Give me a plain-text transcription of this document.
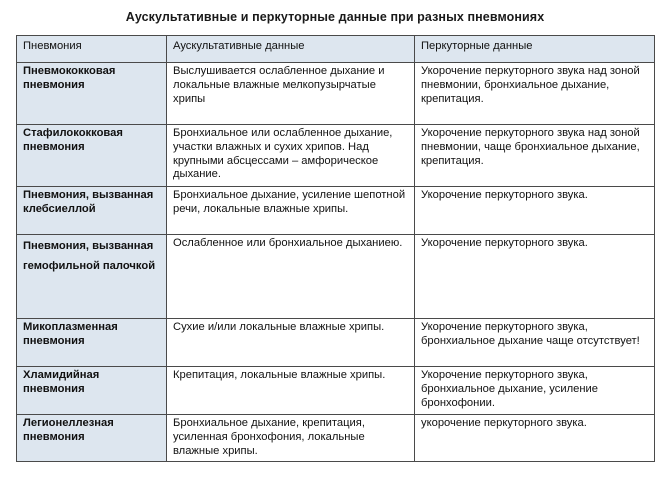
Аускультативные и перкуторные данные при разных пневмониях
Пневмония	Аускультативные данные	Перкуторные данные
Пневмококковая пневмония	Выслушивается ослабленное дыхание и локальные влажные мелкопузырчатые хрипы	Укорочение перкуторного звука над зоной пневмонии, бронхиальное дыхание, крепитация.
Стафилококковая пневмония	Бронхиальное или ослабленное дыхание, участки влажных и сухих хрипов. Над крупными абсцессами – амфорическое дыхание.	Укорочение перкуторного звука над зоной пневмонии, чаще бронхиальное дыхание, крепитация.
Пневмония, вызванная клебсиеллой	Бронхиальное дыхание, усиление шепотной речи, локальные влажные хрипы.	Укорочение перкуторного звука.
Пневмония, вызванная гемофильной палочкой	Ослабленное или бронхиальное дыханиею.	Укорочение перкуторного звука.
Микоплазменная пневмония	Сухие и/или локальные влажные хрипы.	Укорочение перкуторного звука, бронхиальное дыхание чаще отсутствует!
Хламидийная пневмония	Крепитация, локальные влажные хрипы.	Укорочение перкуторного звука, бронхиальное дыхание, усиление бронхофонии.
Легионеллезная пневмония	Бронхиальное дыхание, крепитация, усиленная бронхофония, локальные влажные хрипы.	укорочение перкуторного звука.
